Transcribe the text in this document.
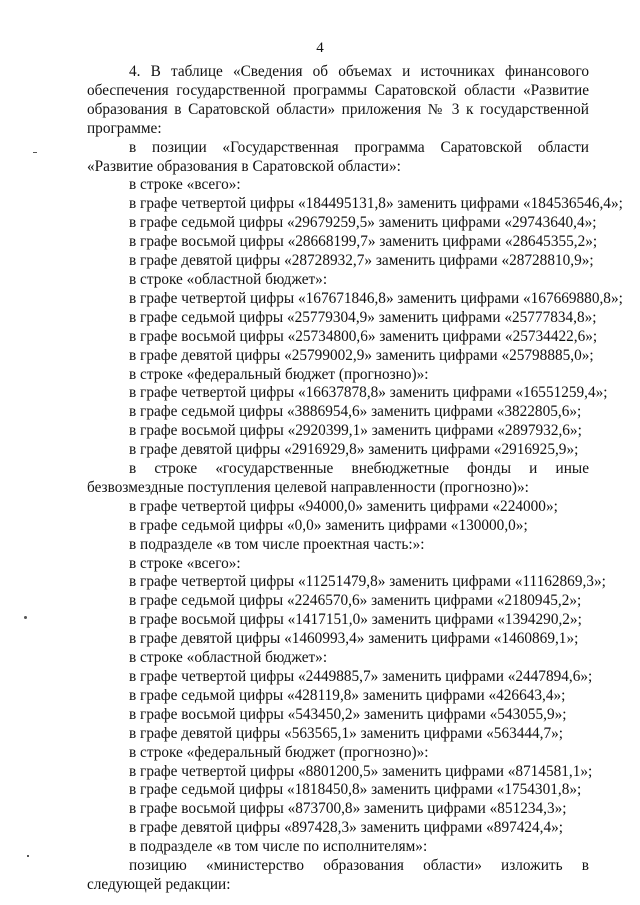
4

4. В таблице «Сведения об объемах и источниках финансового обеспечения государственной программы Саратовской области «Развитие образования в Саратовской области» приложения № 3 к государственной программе:

в позиции «Государственная программа Саратовской области «Развитие образования в Саратовской области»:

в строке «всего»:

в графе четвертой цифры «184495131,8» заменить цифрами «184536546,4»;

в графе седьмой цифры «29679259,5» заменить цифрами «29743640,4»;

в графе восьмой цифры «28668199,7» заменить цифрами «28645355,2»;

в графе девятой цифры «28728932,7» заменить цифрами «28728810,9»;

в строке «областной бюджет»:

в графе четвертой цифры «167671846,8» заменить цифрами «167669880,8»;

в графе седьмой цифры «25779304,9» заменить цифрами «25777834,8»;

в графе восьмой цифры «25734800,6» заменить цифрами «25734422,6»;

в графе девятой цифры «25799002,9» заменить цифрами «25798885,0»;

в строке «федеральный бюджет (прогнозно)»:

в графе четвертой цифры «16637878,8» заменить цифрами «16551259,4»;

в графе седьмой цифры «3886954,6» заменить цифрами «3822805,6»;

в графе восьмой цифры «2920399,1» заменить цифрами «2897932,6»;

в графе девятой цифры «2916929,8» заменить цифрами «2916925,9»;

в строке «государственные внебюджетные фонды и иные безвозмездные поступления целевой направленности (прогнозно)»:

в графе четвертой цифры «94000,0» заменить цифрами «224000»;

в графе седьмой цифры «0,0» заменить цифрами «130000,0»;

в подразделе «в том числе проектная часть:»:

в строке «всего»:

в графе четвертой цифры «11251479,8» заменить цифрами «11162869,3»;

в графе седьмой цифры «2246570,6» заменить цифрами «2180945,2»;

в графе восьмой цифры «1417151,0» заменить цифрами «1394290,2»;

в графе девятой цифры «1460993,4» заменить цифрами «1460869,1»;

в строке «областной бюджет»:

в графе четвертой цифры «2449885,7» заменить цифрами «2447894,6»;

в графе седьмой цифры «428119,8» заменить цифрами «426643,4»;

в графе восьмой цифры «543450,2» заменить цифрами «543055,9»;

в графе девятой цифры «563565,1» заменить цифрами «563444,7»;

в строке «федеральный бюджет (прогнозно)»:

в графе четвертой цифры «8801200,5» заменить цифрами «8714581,1»;

в графе седьмой цифры «1818450,8» заменить цифрами «1754301,8»;

в графе восьмой цифры «873700,8» заменить цифрами «851234,3»;

в графе девятой цифры «897428,3» заменить цифрами «897424,4»;

в подразделе «в том числе по исполнителям»:

позицию «министерство образования области» изложить в следующей редакции:
